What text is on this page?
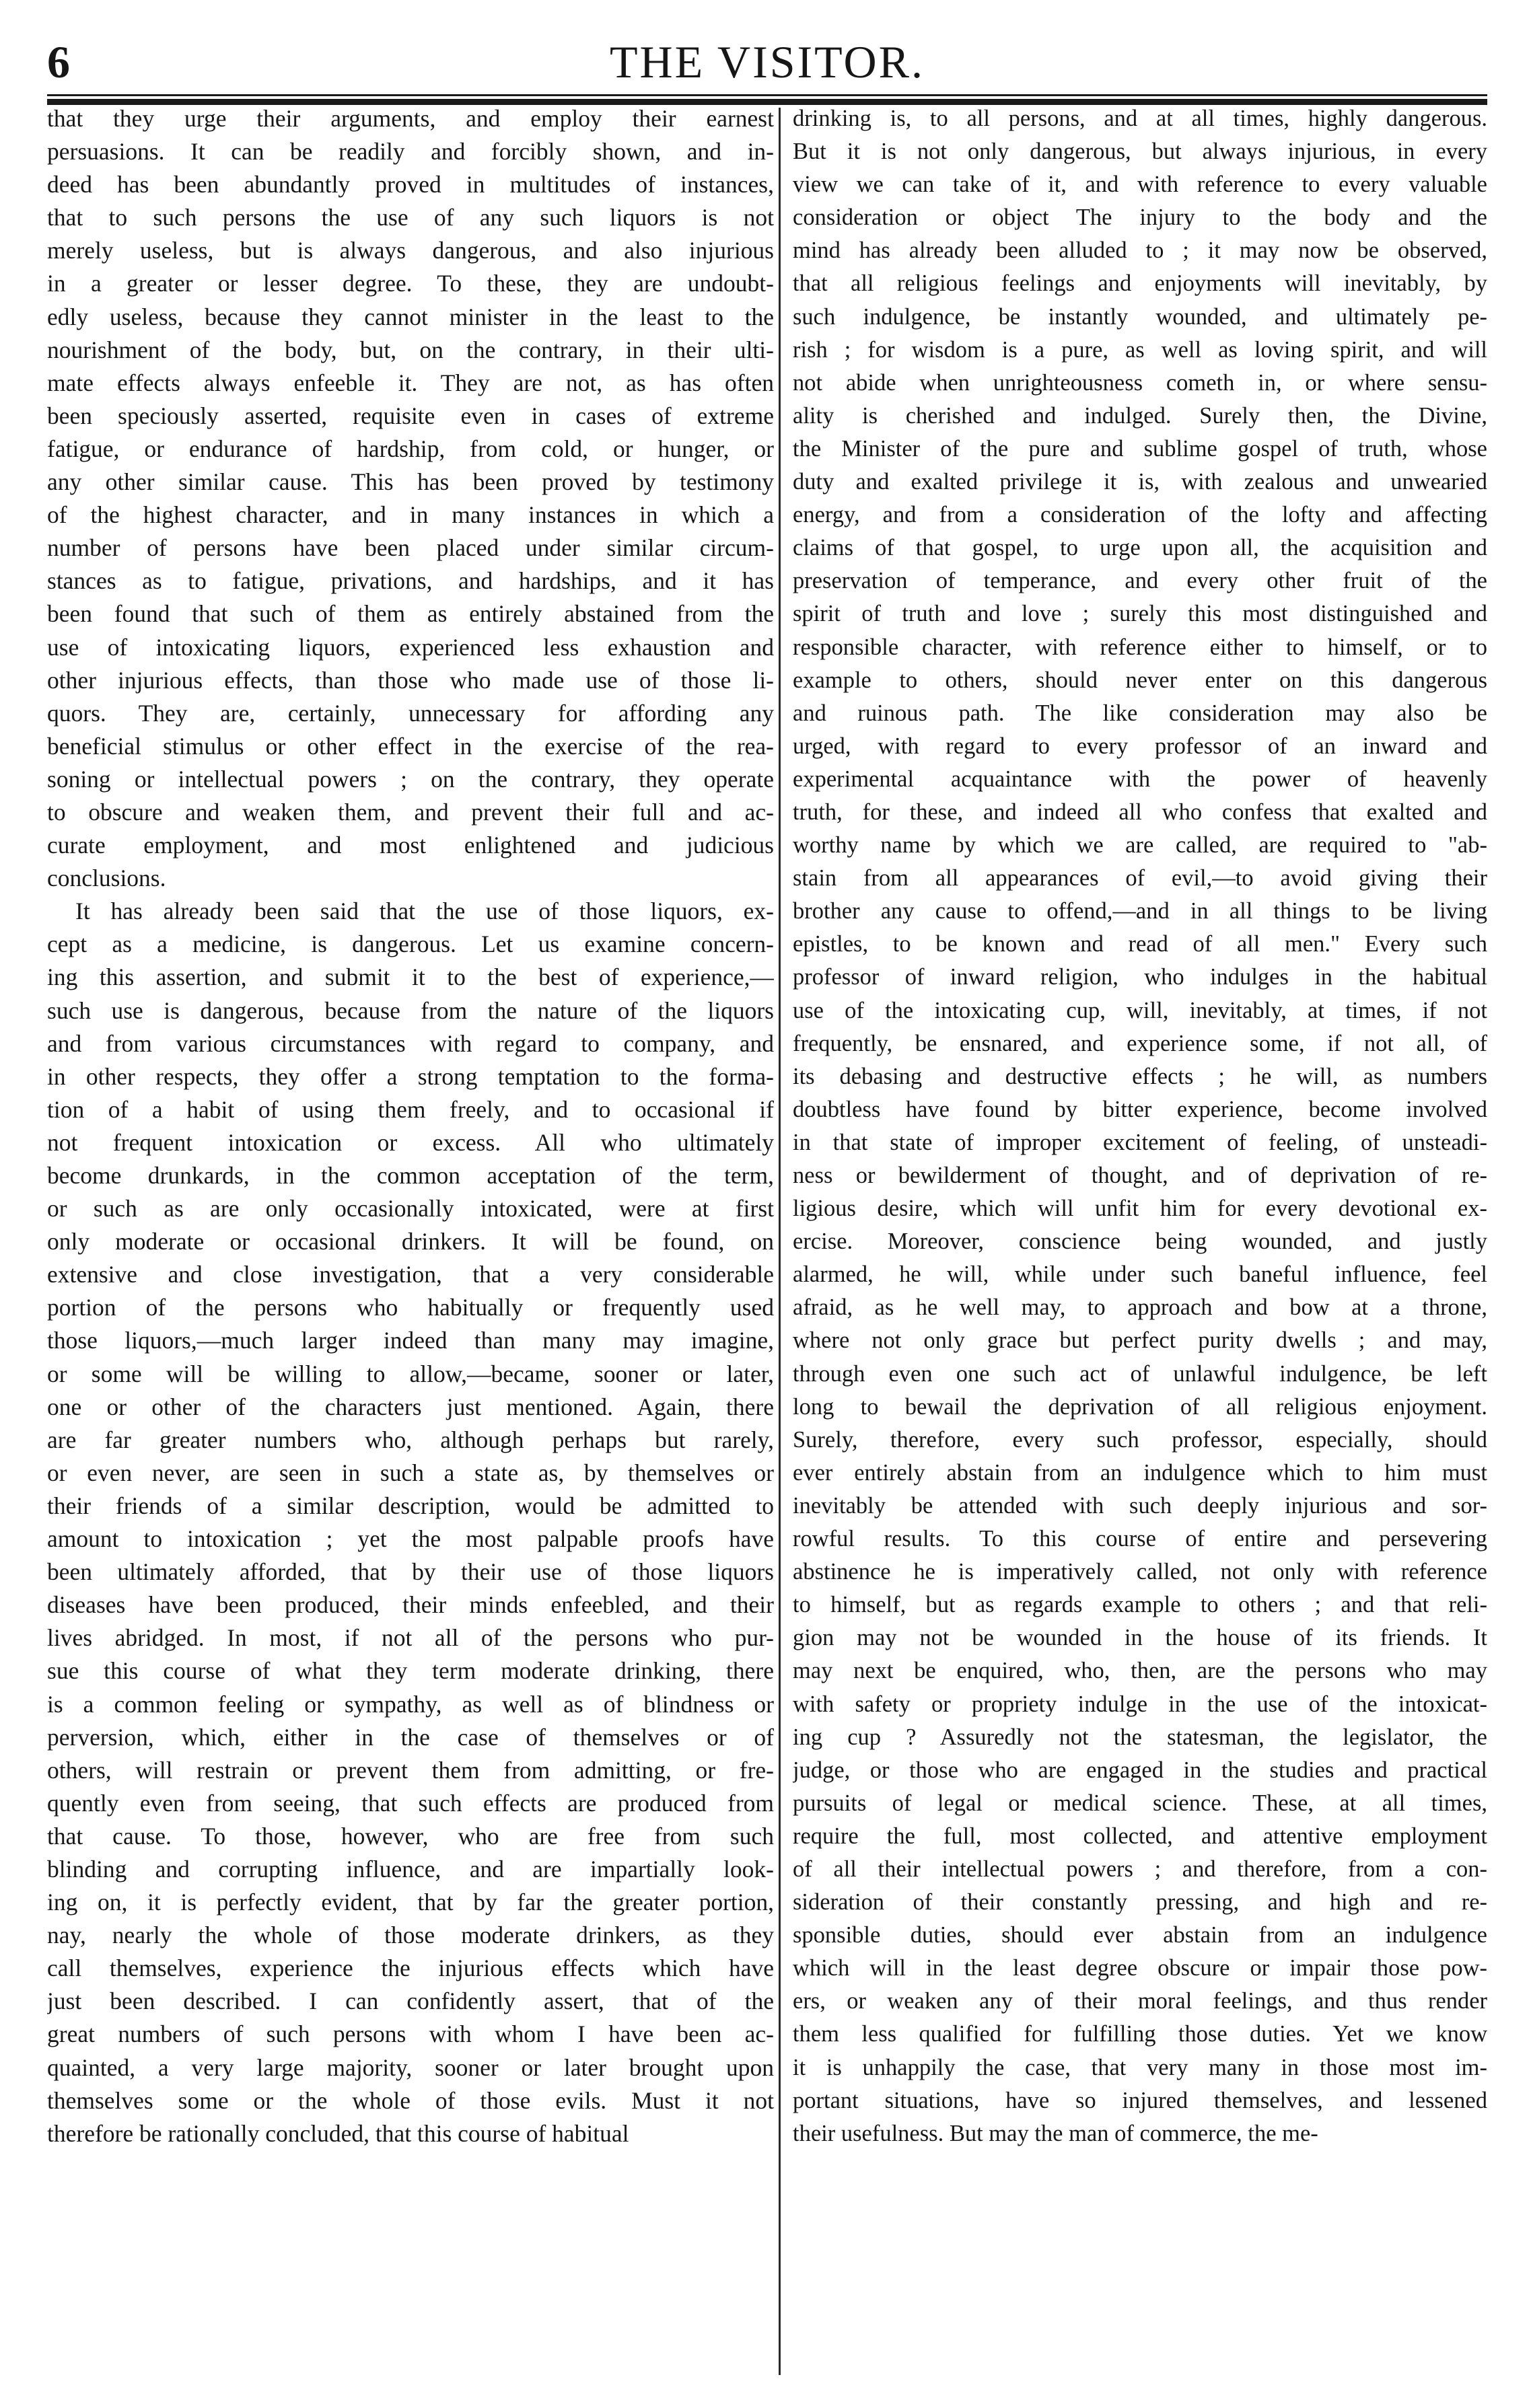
6	THE VISITOR.
that they urge their arguments, and employ their earnest
persuasions. It can be readily and forcibly shown, and in-
deed has been abundantly proved in multitudes of instances,
that to such persons the use of any such liquors is not
merely useless, but is always dangerous, and also injurious
in a greater or lesser degree. To these, they are undoubt-
edly useless, because they cannot minister in the least to the
nourishment of the body, but, on the contrary, in their ulti-
mate effects always enfeeble it. They are not, as has often
been speciously asserted, requisite even in cases of extreme
fatigue, or endurance of hardship, from cold, or hunger, or
any other similar cause. This has been proved by testimony
of the highest character, and in many instances in which a
number of persons have been placed under similar circum-
stances as to fatigue, privations, and hardships, and it has
been found that such of them as entirely abstained from the
use of intoxicating liquors, experienced less exhaustion and
other injurious effects, than those who made use of those li-
quors. They are, certainly, unnecessary for affording any
beneficial stimulus or other effect in the exercise of the rea-
soning or intellectual powers ; on the contrary, they operate
to obscure and weaken them, and prevent their full and ac-
curate employment, and most enlightened and judicious
conclusions.
It has already been said that the use of those liquors, ex-
cept as a medicine, is dangerous. Let us examine concern-
ing this assertion, and submit it to the best of experience,—
such use is dangerous, because from the nature of the liquors
and from various circumstances with regard to company, and
in other respects, they offer a strong temptation to the forma-
tion of a habit of using them freely, and to occasional if
not frequent intoxication or excess. All who ultimately
become drunkards, in the common acceptation of the term,
or such as are only occasionally intoxicated, were at first
only moderate or occasional drinkers. It will be found, on
extensive and close investigation, that a very considerable
portion of the persons who habitually or frequently used
those liquors,—much larger indeed than many may imagine,
or some will be willing to allow,—became, sooner or later,
one or other of the characters just mentioned. Again, there
are far greater numbers who, although perhaps but rarely,
or even never, are seen in such a state as, by themselves or
their friends of a similar description, would be admitted to
amount to intoxication ; yet the most palpable proofs have
been ultimately afforded, that by their use of those liquors
diseases have been produced, their minds enfeebled, and their
lives abridged. In most, if not all of the persons who pur-
sue this course of what they term moderate drinking, there
is a common feeling or sympathy, as well as of blindness or
perversion, which, either in the case of themselves or of
others, will restrain or prevent them from admitting, or fre-
quently even from seeing, that such effects are produced from
that cause. To those, however, who are free from such
blinding and corrupting influence, and are impartially look-
ing on, it is perfectly evident, that by far the greater portion,
nay, nearly the whole of those moderate drinkers, as they
call themselves, experience the injurious effects which have
just been described. I can confidently assert, that of the
great numbers of such persons with whom I have been ac-
quainted, a very large majority, sooner or later brought upon
themselves some or the whole of those evils. Must it not
therefore be rationally concluded, that this course of habitual
drinking is, to all persons, and at all times, highly dangerous.
But it is not only dangerous, but always injurious, in every
view we can take of it, and with reference to every valuable
consideration or object The injury to the body and the
mind has already been alluded to ; it may now be observed,
that all religious feelings and enjoyments will inevitably, by
such indulgence, be instantly wounded, and ultimately pe-
rish ; for wisdom is a pure, as well as loving spirit, and will
not abide when unrighteousness cometh in, or where sensu-
ality is cherished and indulged. Surely then, the Divine,
the Minister of the pure and sublime gospel of truth, whose
duty and exalted privilege it is, with zealous and unwearied
energy, and from a consideration of the lofty and affecting
claims of that gospel, to urge upon all, the acquisition and
preservation of temperance, and every other fruit of the
spirit of truth and love ; surely this most distinguished and
responsible character, with reference either to himself, or to
example to others, should never enter on this dangerous
and ruinous path. The like consideration may also be
urged, with regard to every professor of an inward and
experimental acquaintance with the power of heavenly
truth, for these, and indeed all who confess that exalted and
worthy name by which we are called, are required to "ab-
stain from all appearances of evil,—to avoid giving their
brother any cause to offend,—and in all things to be living
epistles, to be known and read of all men." Every such
professor of inward religion, who indulges in the habitual
use of the intoxicating cup, will, inevitably, at times, if not
frequently, be ensnared, and experience some, if not all, of
its debasing and destructive effects ; he will, as numbers
doubtless have found by bitter experience, become involved
in that state of improper excitement of feeling, of unsteadi-
ness or bewilderment of thought, and of deprivation of re-
ligious desire, which will unfit him for every devotional ex-
ercise. Moreover, conscience being wounded, and justly
alarmed, he will, while under such baneful influence, feel
afraid, as he well may, to approach and bow at a throne,
where not only grace but perfect purity dwells ; and may,
through even one such act of unlawful indulgence, be left
long to bewail the deprivation of all religious enjoyment.
Surely, therefore, every such professor, especially, should
ever entirely abstain from an indulgence which to him must
inevitably be attended with such deeply injurious and sor-
rowful results. To this course of entire and persevering
abstinence he is imperatively called, not only with reference
to himself, but as regards example to others ; and that reli-
gion may not be wounded in the house of its friends. It
may next be enquired, who, then, are the persons who may
with safety or propriety indulge in the use of the intoxicat-
ing cup ? Assuredly not the statesman, the legislator, the
judge, or those who are engaged in the studies and practical
pursuits of legal or medical science. These, at all times,
require the full, most collected, and attentive employment
of all their intellectual powers ; and therefore, from a con-
sideration of their constantly pressing, and high and re-
sponsible duties, should ever abstain from an indulgence
which will in the least degree obscure or impair those pow-
ers, or weaken any of their moral feelings, and thus render
them less qualified for fulfilling those duties. Yet we know
it is unhappily the case, that very many in those most im-
portant situations, have so injured themselves, and lessened
their usefulness. But may the man of commerce, the me-
